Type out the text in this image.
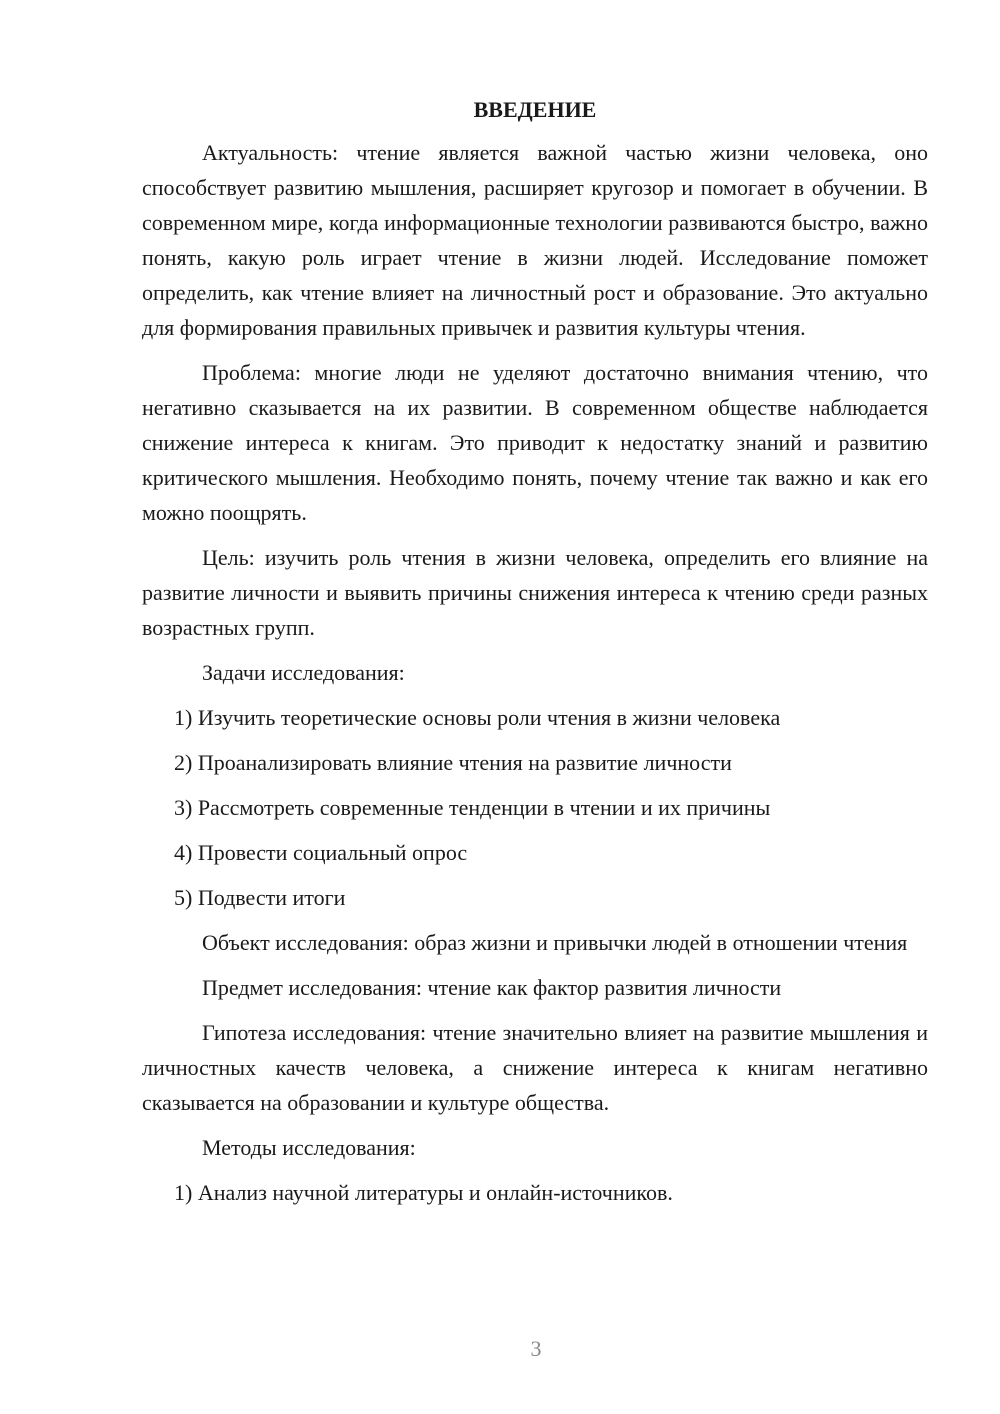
ВВЕДЕНИЕ

Актуальность: чтение является важной частью жизни человека, оно способствует развитию мышления, расширяет кругозор и помогает в обучении. В современном мире, когда информационные технологии развиваются быстро, важно понять, какую роль играет чтение в жизни людей. Исследование поможет определить, как чтение влияет на личностный рост и образование. Это актуально для формирования правильных привычек и развития культуры чтения.

Проблема: многие люди не уделяют достаточно внимания чтению, что негативно сказывается на их развитии. В современном обществе наблюдается снижение интереса к книгам. Это приводит к недостатку знаний и развитию критического мышления. Необходимо понять, почему чтение так важно и как его можно поощрять.

Цель: изучить роль чтения в жизни человека, определить его влияние на развитие личности и выявить причины снижения интереса к чтению среди разных возрастных групп.

Задачи исследования:

1) Изучить теоретические основы роли чтения в жизни человека
2) Проанализировать влияние чтения на развитие личности
3) Рассмотреть современные тенденции в чтении и их причины
4) Провести социальный опрос
5) Подвести итоги

Объект исследования: образ жизни и привычки людей в отношении чтения

Предмет исследования: чтение как фактор развития личности

Гипотеза исследования: чтение значительно влияет на развитие мышления и личностных качеств человека, а снижение интереса к книгам негативно сказывается на образовании и культуре общества.

Методы исследования:

1) Анализ научной литературы и онлайн-источников.
3
